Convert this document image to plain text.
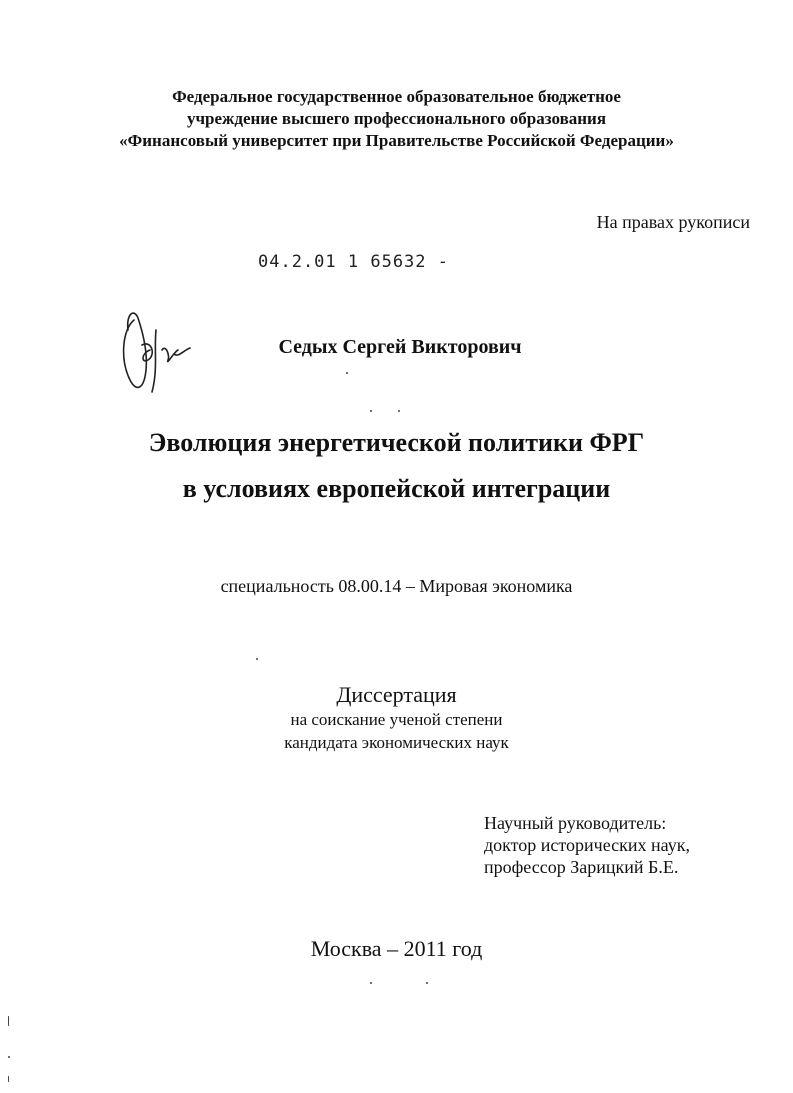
Федеральное государственное образовательное бюджетное
учреждение высшего профессионального образования
«Финансовый университет при Правительстве Российской Федерации»
На правах рукописи
04.2.01 1 65632 -
Седых Сергей Викторович
Эволюция энергетической политики ФРГ
в условиях европейской интеграции
специальность 08.00.14 – Мировая экономика
Диссертация
на соискание ученой степени
кандидата экономических наук
Научный руководитель:
доктор исторических наук,
профессор Зарицкий Б.Е.
Москва – 2011 год
